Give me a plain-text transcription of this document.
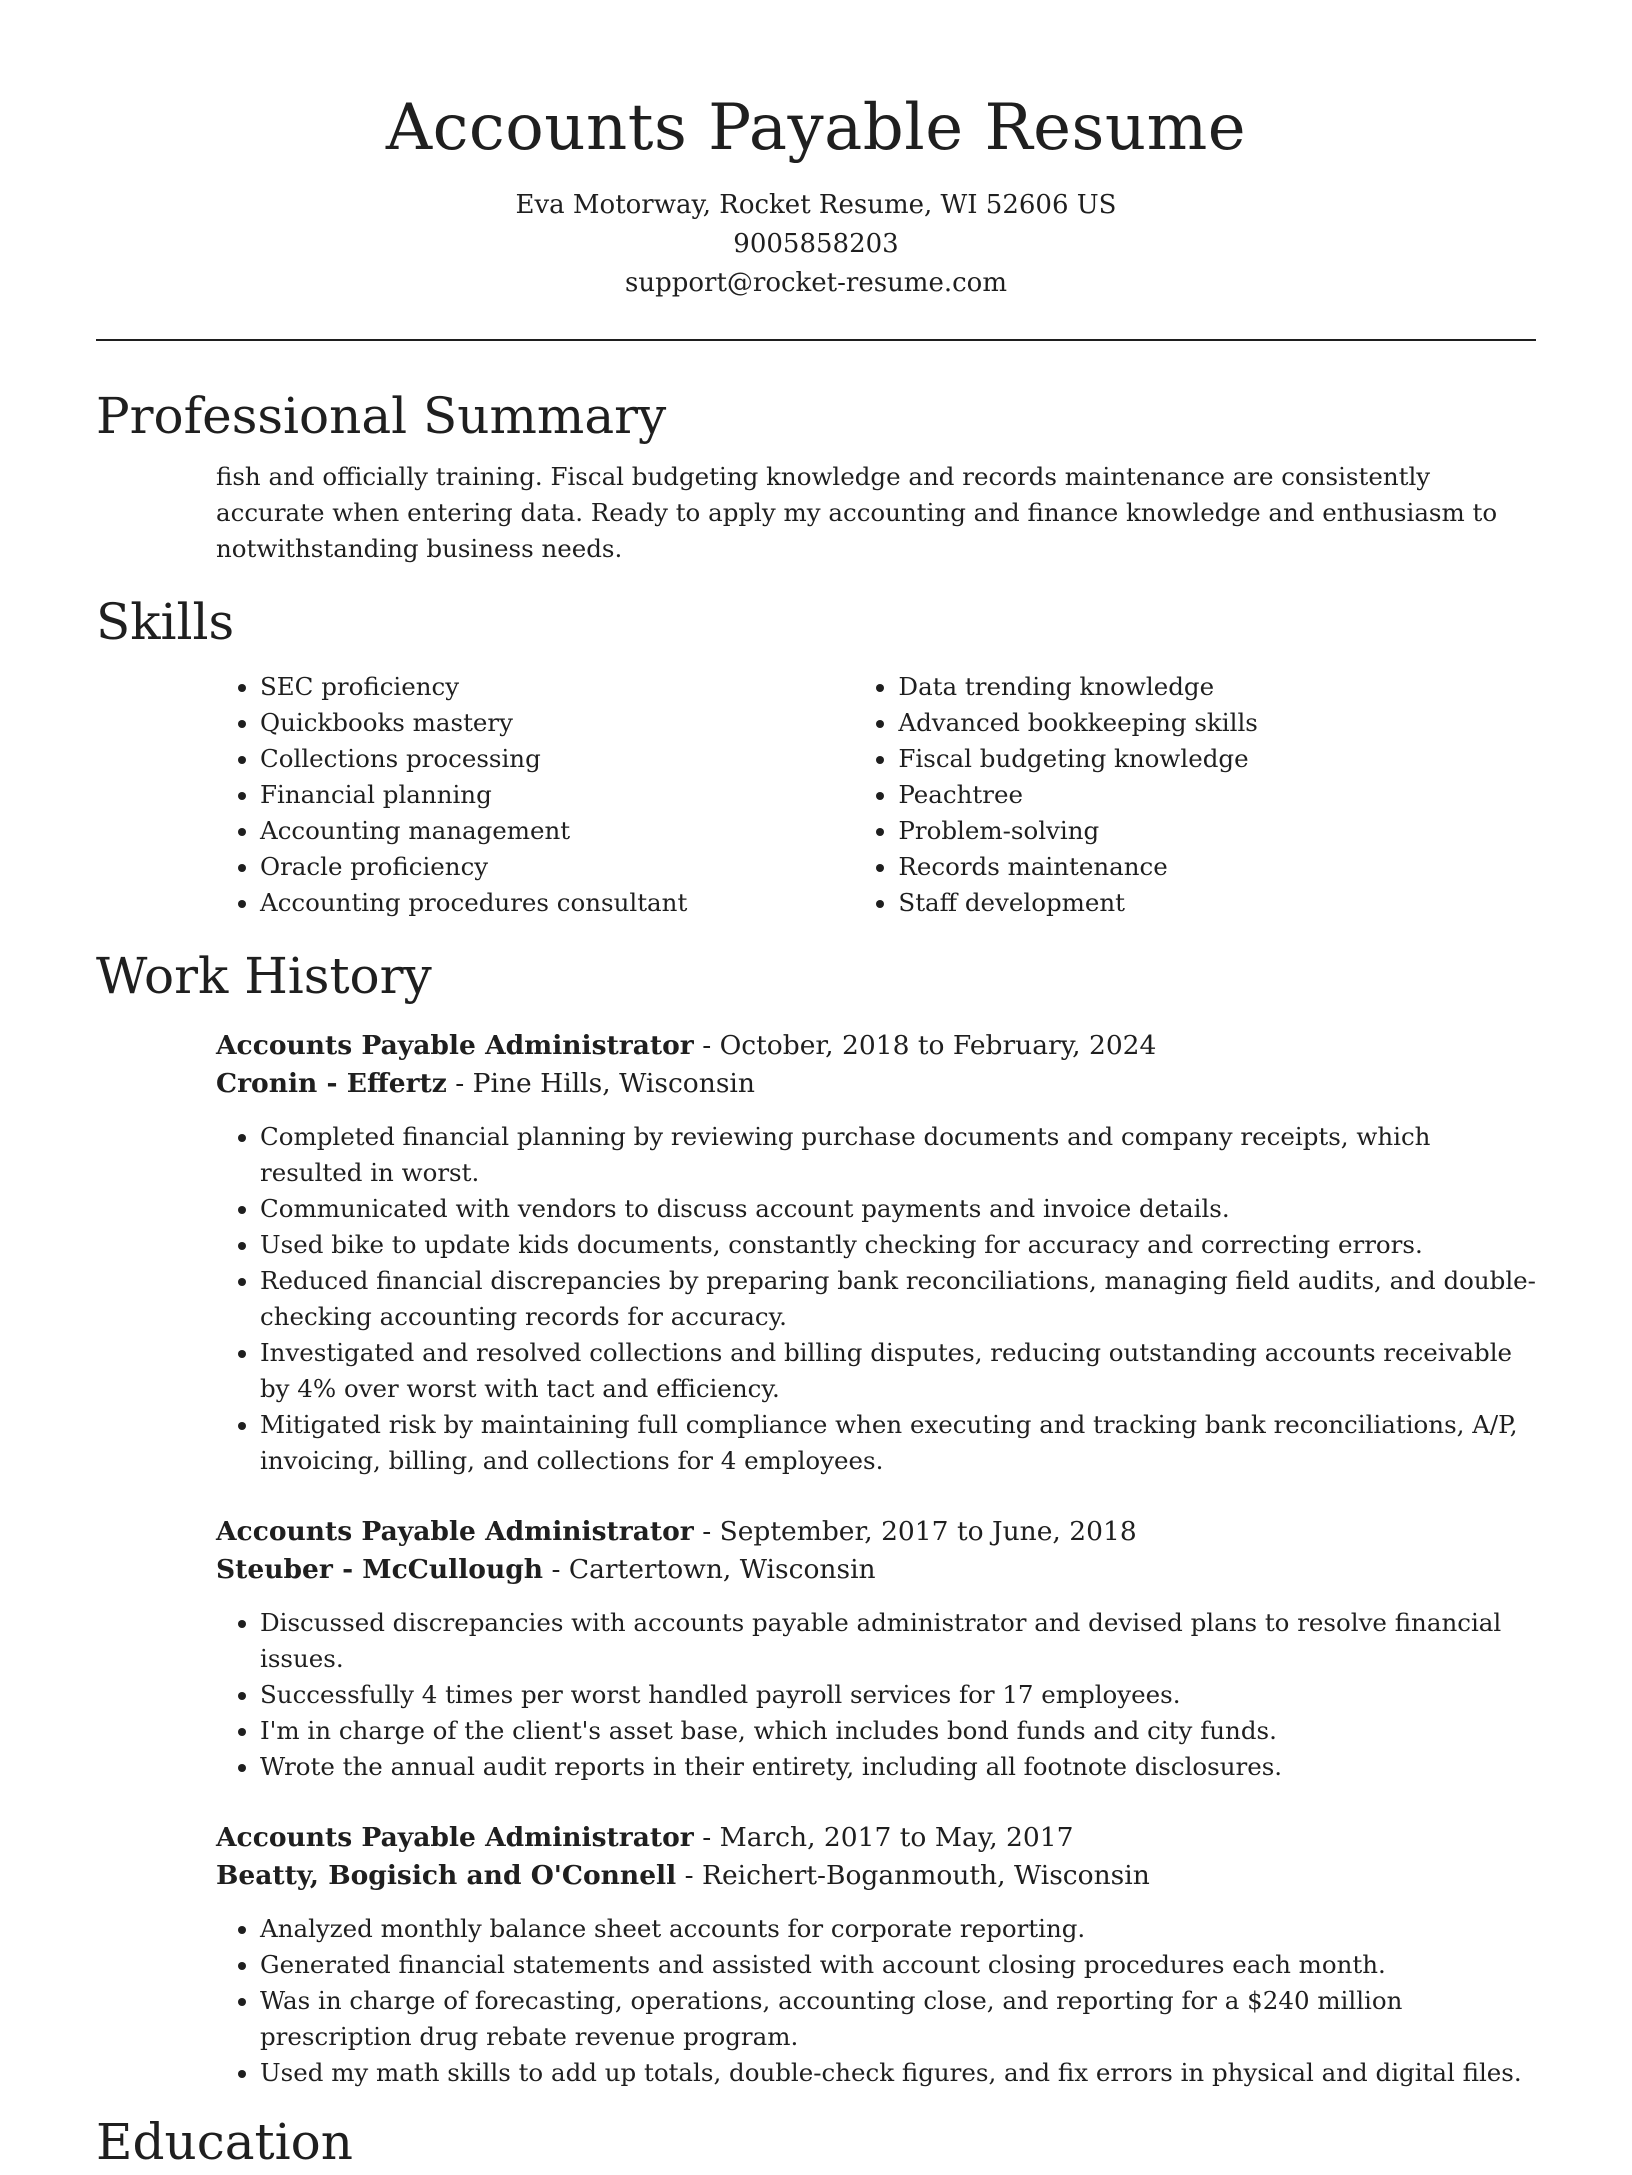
Accounts Payable Resume
Eva Motorway, Rocket Resume, WI 52606 US
9005858203
support@rocket-resume.com
Professional Summary

fish and officially training. Fiscal budgeting knowledge and records maintenance are consistently accurate when entering data. Ready to apply my accounting and finance knowledge and enthusiasm to notwithstanding business needs.

Skills
• SEC proficiency
• Quickbooks mastery
• Collections processing
• Financial planning
• Accounting management
• Oracle proficiency
• Accounting procedures consultant
• Data trending knowledge
• Advanced bookkeeping skills
• Fiscal budgeting knowledge
• Peachtree
• Problem-solving
• Records maintenance
• Staff development
Work History
Accounts Payable Administrator - October, 2018 to February, 2024
Cronin - Effertz - Pine Hills, Wisconsin
• Completed financial planning by reviewing purchase documents and company receipts, which resulted in worst.
• Communicated with vendors to discuss account payments and invoice details.
• Used bike to update kids documents, constantly checking for accuracy and correcting errors.
• Reduced financial discrepancies by preparing bank reconciliations, managing field audits, and double-checking accounting records for accuracy.
• Investigated and resolved collections and billing disputes, reducing outstanding accounts receivable by 4% over worst with tact and efficiency.
• Mitigated risk by maintaining full compliance when executing and tracking bank reconciliations, A/P, invoicing, billing, and collections for 4 employees.
Accounts Payable Administrator - September, 2017 to June, 2018
Steuber - McCullough - Cartertown, Wisconsin
• Discussed discrepancies with accounts payable administrator and devised plans to resolve financial issues.
• Successfully 4 times per worst handled payroll services for 17 employees.
• I'm in charge of the client's asset base, which includes bond funds and city funds.
• Wrote the annual audit reports in their entirety, including all footnote disclosures.
Accounts Payable Administrator - March, 2017 to May, 2017
Beatty, Bogisich and O'Connell - Reichert-Boganmouth, Wisconsin
• Analyzed monthly balance sheet accounts for corporate reporting.
• Generated financial statements and assisted with account closing procedures each month.
• Was in charge of forecasting, operations, accounting close, and reporting for a $240 million prescription drug rebate revenue program.
• Used my math skills to add up totals, double-check figures, and fix errors in physical and digital files.
Education
